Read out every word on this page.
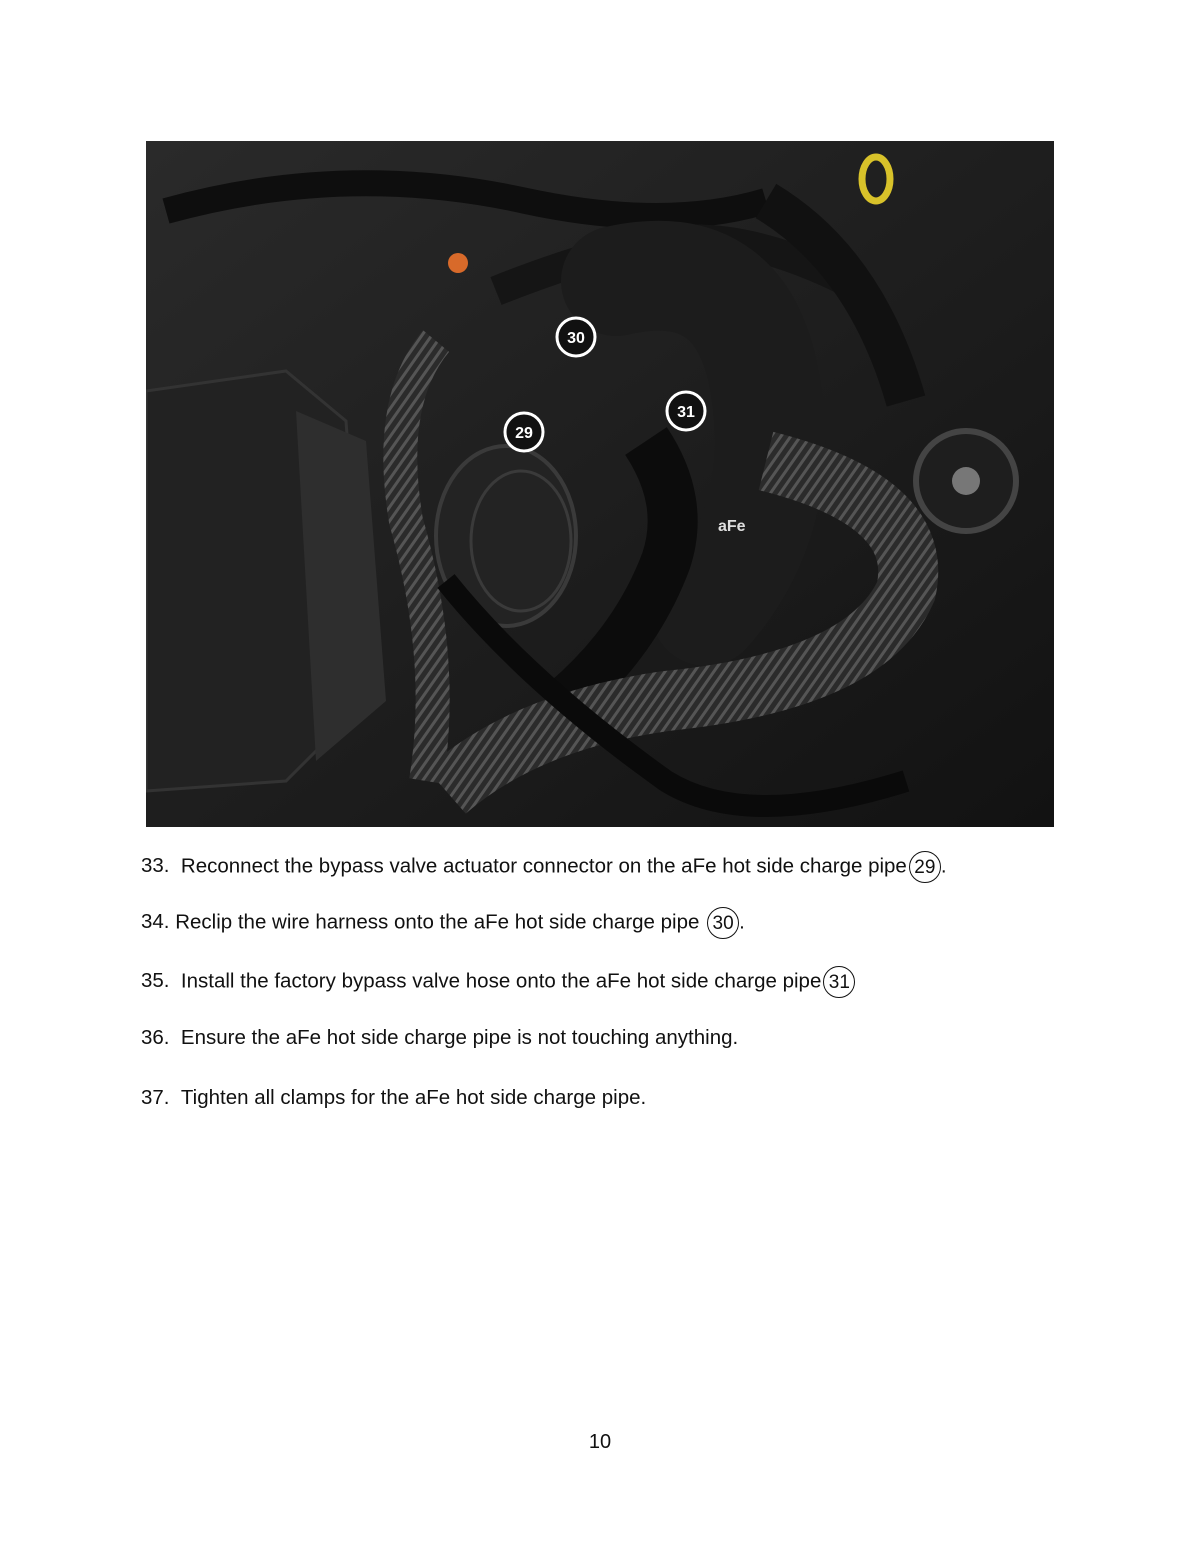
aFe
30
31
29
33. Reconnect the bypass valve actuator connector on the aFe hot side charge pipe 29 .
34. Reclip the wire harness onto the aFe hot side charge pipe 30 .
35. Install the factory bypass valve hose onto the aFe hot side charge pipe 31
36. Ensure the aFe hot side charge pipe is not touching anything.
37. Tighten all clamps for the aFe hot side charge pipe.
10
